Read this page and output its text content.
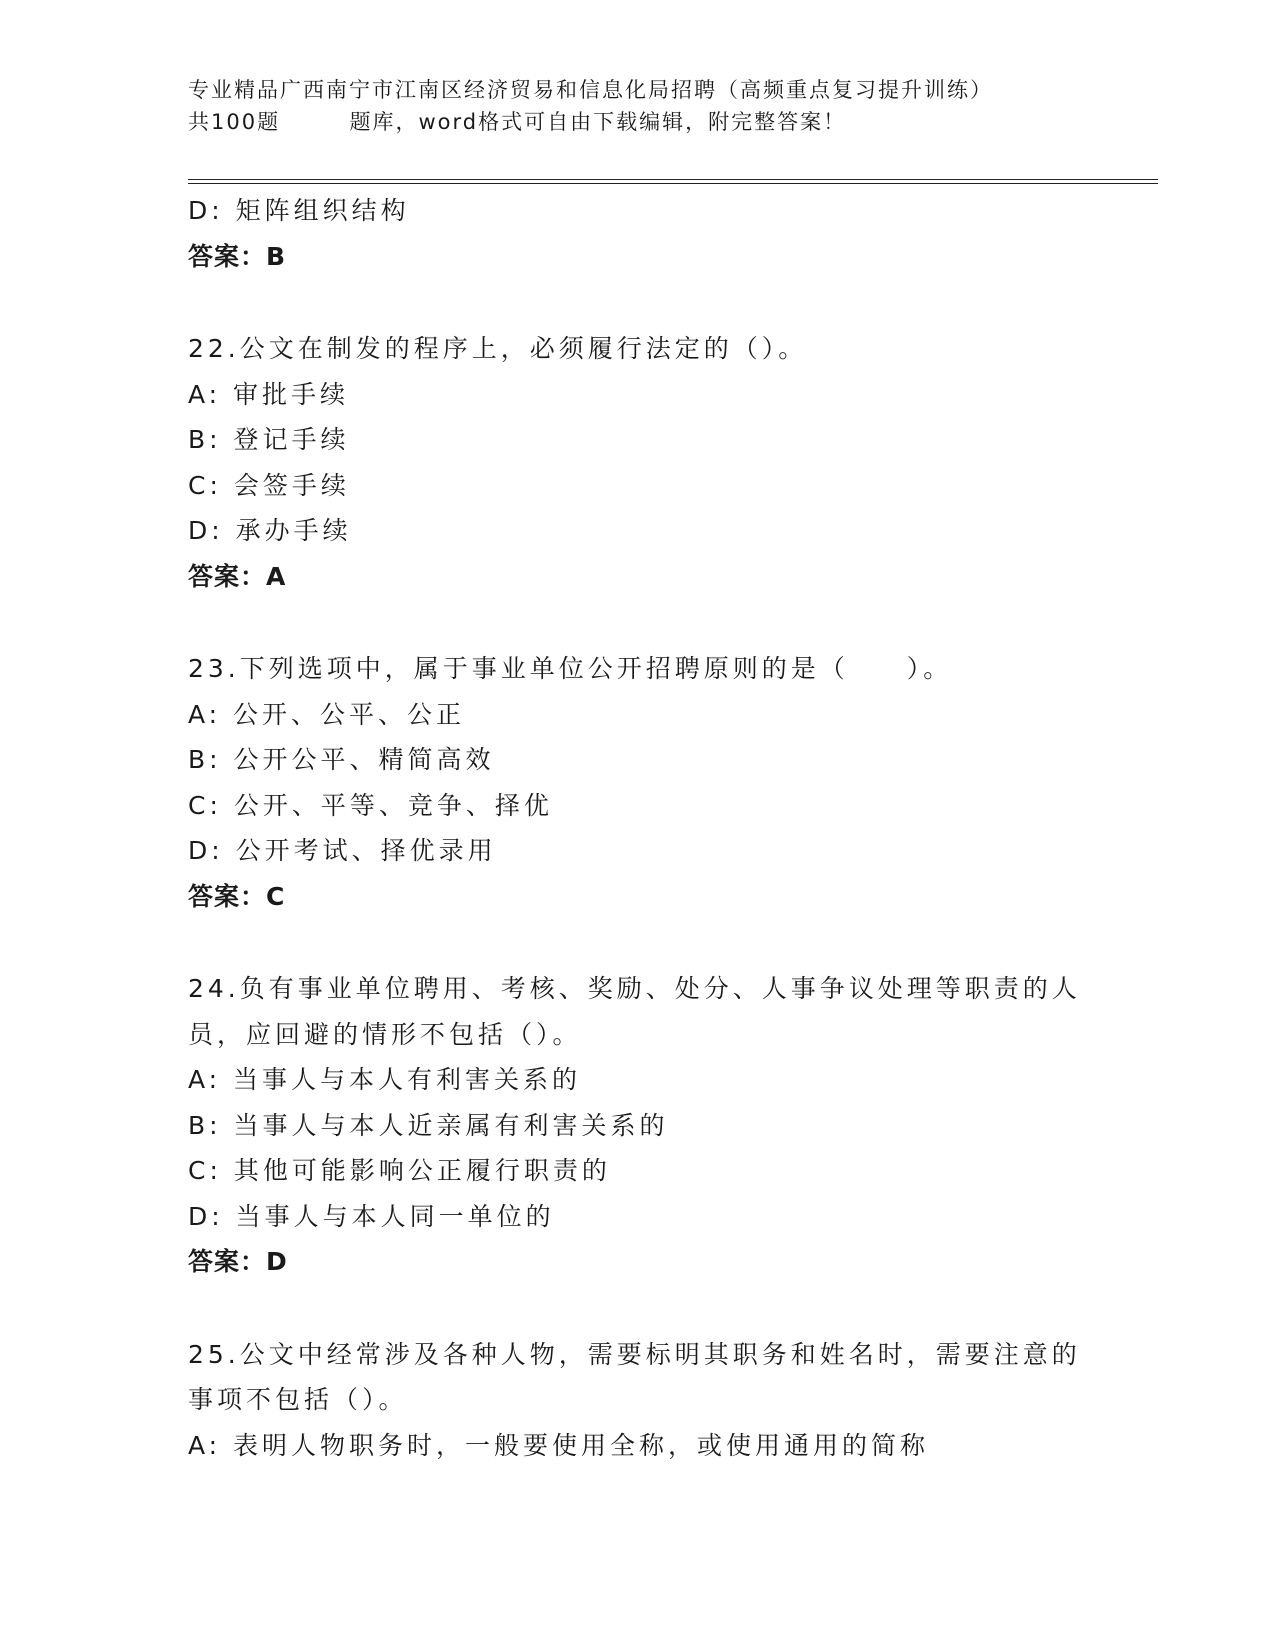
专业精品广西南宁市江南区经济贸易和信息化局招聘（高频重点复习提升训练）
共100题        题库，word格式可自由下载编辑，附完整答案！
D: 矩阵组织结构
答案：B
22.公文在制发的程序上，必须履行法定的（）。
A: 审批手续
B: 登记手续
C: 会签手续
D: 承办手续
答案：A
23.下列选项中，属于事业单位公开招聘原则的是（　　）。
A: 公开、公平、公正
B: 公开公平、精简高效
C: 公开、平等、竞争、择优
D: 公开考试、择优录用
答案：C
24.负有事业单位聘用、考核、奖励、处分、人事争议处理等职责的人
员，应回避的情形不包括（）。
A: 当事人与本人有利害关系的
B: 当事人与本人近亲属有利害关系的
C: 其他可能影响公正履行职责的
D: 当事人与本人同一单位的
答案：D
25.公文中经常涉及各种人物，需要标明其职务和姓名时，需要注意的
事项不包括（）。
A: 表明人物职务时，一般要使用全称，或使用通用的简称
